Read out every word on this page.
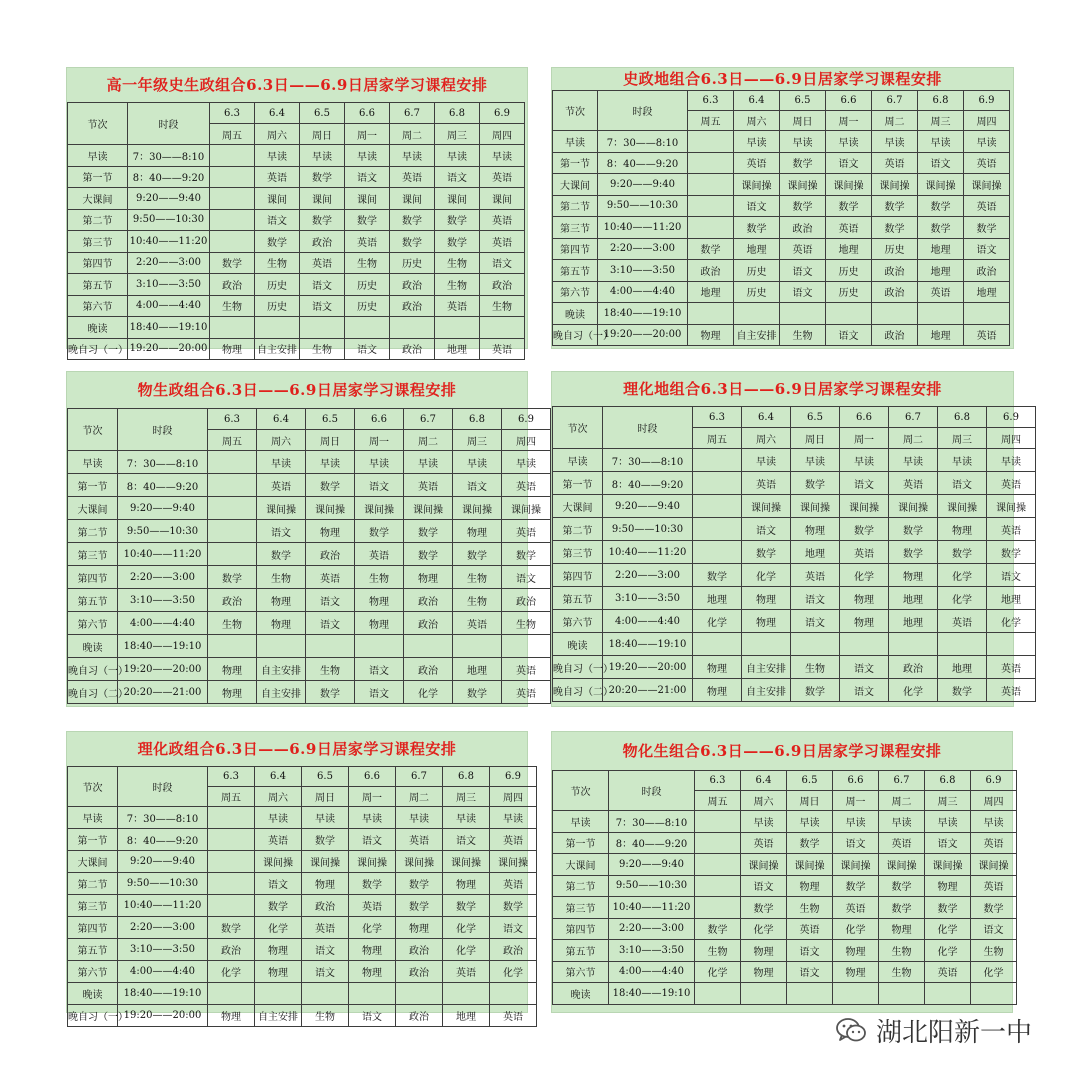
高一年级史生政组合6.3日——6.9日居家学习课程安排
节次	时段	6.3	6.4	6.5	6.6	6.7	6.8	6.9
		周五	周六	周日	周一	周二	周三	周四
早读	7：30——8:10		早读	早读	早读	早读	早读	早读
第一节	8：40——9:20		英语	数学	语文	英语	语文	英语
大课间	9:20——9:40		课间	课间	课间	课间	课间	课间
第二节	9:50——10:30		语文	数学	数学	数学	数学	英语
第三节	10:40——11:20		数学	政治	英语	数学	数学	英语
第四节	2:20——3:00	数学	生物	英语	生物	历史	生物	语文
第五节	3:10——3:50	政治	历史	语文	历史	政治	生物	政治
第六节	4:00——4:40	生物	历史	语文	历史	政治	英语	生物
晚读	18:40——19:10							
晚自习（一）	19:20——20:00	物理	自主安排	生物	语文	政治	地理	英语
史政地组合6.3日——6.9日居家学习课程安排
节次	时段	6.3	6.4	6.5	6.6	6.7	6.8	6.9
		周五	周六	周日	周一	周二	周三	周四
早读	7：30——8:10		早读	早读	早读	早读	早读	早读
第一节	8：40——9:20		英语	数学	语文	英语	语文	英语
大课间	9:20——9:40		课间操	课间操	课间操	课间操	课间操	课间操
第二节	9:50——10:30		语文	数学	数学	数学	数学	英语
第三节	10:40——11:20		数学	政治	英语	数学	数学	数学
第四节	2:20——3:00	数学	地理	英语	地理	历史	地理	语文
第五节	3:10——3:50	政治	历史	语文	历史	政治	地理	政治
第六节	4:00——4:40	地理	历史	语文	历史	政治	英语	地理
晚读	18:40——19:10							
晚自习（一）	19:20——20:00	物理	自主安排	生物	语文	政治	地理	英语
物生政组合6.3日——6.9日居家学习课程安排
节次	时段	6.3	6.4	6.5	6.6	6.7	6.8	6.9
		周五	周六	周日	周一	周二	周三	周四
早读	7：30——8:10		早读	早读	早读	早读	早读	早读
第一节	8：40——9:20		英语	数学	语文	英语	语文	英语
大课间	9:20——9:40		课间操	课间操	课间操	课间操	课间操	课间操
第二节	9:50——10:30		语文	物理	数学	数学	物理	英语
第三节	10:40——11:20		数学	政治	英语	数学	数学	数学
第四节	2:20——3:00	数学	生物	英语	生物	物理	生物	语文
第五节	3:10——3:50	政治	物理	语文	物理	政治	生物	政治
第六节	4:00——4:40	生物	物理	语文	物理	政治	英语	生物
晚读	18:40——19:10							
晚自习（一）	19:20——20:00	物理	自主安排	生物	语文	政治	地理	英语
晚自习（二）	20:20——21:00	物理	自主安排	数学	语文	化学	数学	英语
理化地组合6.3日——6.9日居家学习课程安排
节次	时段	6.3	6.4	6.5	6.6	6.7	6.8	6.9
		周五	周六	周日	周一	周二	周三	周四
早读	7：30——8:10		早读	早读	早读	早读	早读	早读
第一节	8：40——9:20		英语	数学	语文	英语	语文	英语
大课间	9:20——9:40		课间操	课间操	课间操	课间操	课间操	课间操
第二节	9:50——10:30		语文	物理	数学	数学	物理	英语
第三节	10:40——11:20		数学	地理	英语	数学	数学	数学
第四节	2:20——3:00	数学	化学	英语	化学	物理	化学	语文
第五节	3:10——3:50	地理	物理	语文	物理	地理	化学	地理
第六节	4:00——4:40	化学	物理	语文	物理	地理	英语	化学
晚读	18:40——19:10							
晚自习（一）	19:20——20:00	物理	自主安排	生物	语文	政治	地理	英语
晚自习（二）	20:20——21:00	物理	自主安排	数学	语文	化学	数学	英语
理化政组合6.3日——6.9日居家学习课程安排
节次	时段	6.3	6.4	6.5	6.6	6.7	6.8	6.9
		周五	周六	周日	周一	周二	周三	周四
早读	7：30——8:10		早读	早读	早读	早读	早读	早读
第一节	8：40——9:20		英语	数学	语文	英语	语文	英语
大课间	9:20——9:40		课间操	课间操	课间操	课间操	课间操	课间操
第二节	9:50——10:30		语文	物理	数学	数学	物理	英语
第三节	10:40——11:20		数学	政治	英语	数学	数学	数学
第四节	2:20——3:00	数学	化学	英语	化学	物理	化学	语文
第五节	3:10——3:50	政治	物理	语文	物理	政治	化学	政治
第六节	4:00——4:40	化学	物理	语文	物理	政治	英语	化学
晚读	18:40——19:10							
晚自习（一）	19:20——20:00	物理	自主安排	生物	语文	政治	地理	英语
物化生组合6.3日——6.9日居家学习课程安排
节次	时段	6.3	6.4	6.5	6.6	6.7	6.8	6.9
		周五	周六	周日	周一	周二	周三	周四
早读	7：30——8:10		早读	早读	早读	早读	早读	早读
第一节	8：40——9:20		英语	数学	语文	英语	语文	英语
大课间	9:20——9:40		课间操	课间操	课间操	课间操	课间操	课间操
第二节	9:50——10:30		语文	物理	数学	数学	物理	英语
第三节	10:40——11:20		数学	生物	英语	数学	数学	数学
第四节	2:20——3:00	数学	化学	英语	化学	物理	化学	语文
第五节	3:10——3:50	生物	物理	语文	物理	生物	化学	生物
第六节	4:00——4:40	化学	物理	语文	物理	生物	英语	化学
晚读	18:40——19:10							
湖北阳新一中
